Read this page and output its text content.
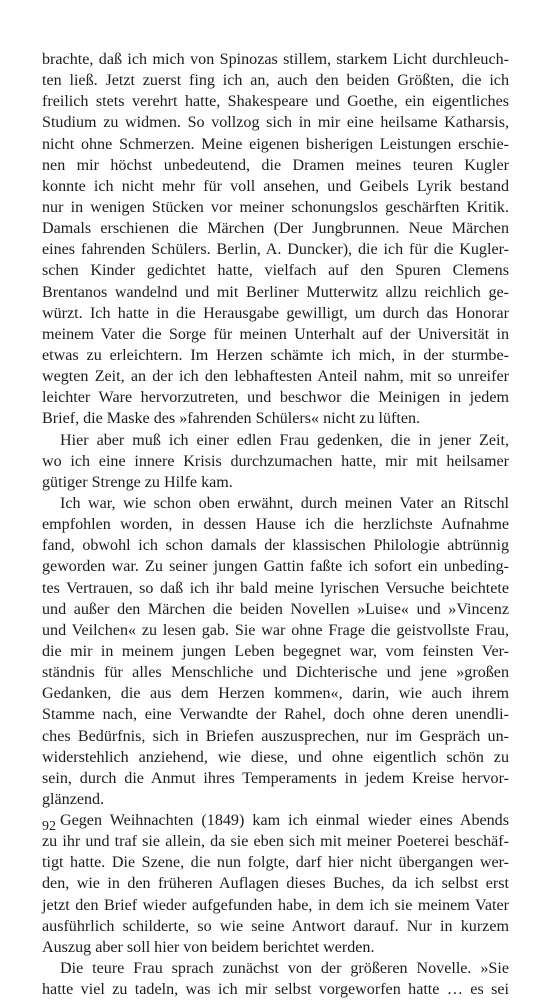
brachte, daß ich mich von Spinozas stillem, starkem Licht durchleuch-
ten ließ. Jetzt zuerst fing ich an, auch den beiden Größten, die ich
freilich stets verehrt hatte, Shakespeare und Goethe, ein eigentliches
Studium zu widmen. So vollzog sich in mir eine heilsame Katharsis,
nicht ohne Schmerzen. Meine eigenen bisherigen Leistungen erschie-
nen mir höchst unbedeutend, die Dramen meines teuren Kugler
konnte ich nicht mehr für voll ansehen, und Geibels Lyrik bestand
nur in wenigen Stücken vor meiner schonungslos geschärften Kritik.
Damals erschienen die Märchen (Der Jungbrunnen. Neue Märchen
eines fahrenden Schülers. Berlin, A. Duncker), die ich für die Kugler-
schen Kinder gedichtet hatte, vielfach auf den Spuren Clemens
Brentanos wandelnd und mit Berliner Mutterwitz allzu reichlich ge-
würzt. Ich hatte in die Herausgabe gewilligt, um durch das Honorar
meinem Vater die Sorge für meinen Unterhalt auf der Universität in
etwas zu erleichtern. Im Herzen schämte ich mich, in der sturmbe-
wegten Zeit, an der ich den lebhaftesten Anteil nahm, mit so unreifer
leichter Ware hervorzutreten, und beschwor die Meinigen in jedem
Brief, die Maske des »fahrenden Schülers« nicht zu lüften.
Hier aber muß ich einer edlen Frau gedenken, die in jener Zeit,
wo ich eine innere Krisis durchzumachen hatte, mir mit heilsamer
gütiger Strenge zu Hilfe kam.
Ich war, wie schon oben erwähnt, durch meinen Vater an Ritschl
empfohlen worden, in dessen Hause ich die herzlichste Aufnahme
fand, obwohl ich schon damals der klassischen Philologie abtrünnig
geworden war. Zu seiner jungen Gattin faßte ich sofort ein unbeding-
tes Vertrauen, so daß ich ihr bald meine lyrischen Versuche beichtete
und außer den Märchen die beiden Novellen »Luise« und »Vincenz
und Veilchen« zu lesen gab. Sie war ohne Frage die geistvollste Frau,
die mir in meinem jungen Leben begegnet war, vom feinsten Ver-
ständnis für alles Menschliche und Dichterische und jene »großen
Gedanken, die aus dem Herzen kommen«, darin, wie auch ihrem
Stamme nach, eine Verwandte der Rahel, doch ohne deren unendli-
ches Bedürfnis, sich in Briefen auszusprechen, nur im Gespräch un-
widerstehlich anziehend, wie diese, und ohne eigentlich schön zu
sein, durch die Anmut ihres Temperaments in jedem Kreise hervor-
glänzend.
Gegen Weihnachten (1849) kam ich einmal wieder eines Abends
zu ihr und traf sie allein, da sie eben sich mit meiner Poeterei beschäf-
tigt hatte. Die Szene, die nun folgte, darf hier nicht übergangen wer-
den, wie in den früheren Auflagen dieses Buches, da ich selbst erst
jetzt den Brief wieder aufgefunden habe, in dem ich sie meinem Vater
ausführlich schilderte, so wie seine Antwort darauf. Nur in kurzem
Auszug aber soll hier von beidem berichtet werden.
Die teure Frau sprach zunächst von der größeren Novelle. »Sie
hatte viel zu tadeln, was ich mir selbst vorgeworfen hatte … es sei
92
